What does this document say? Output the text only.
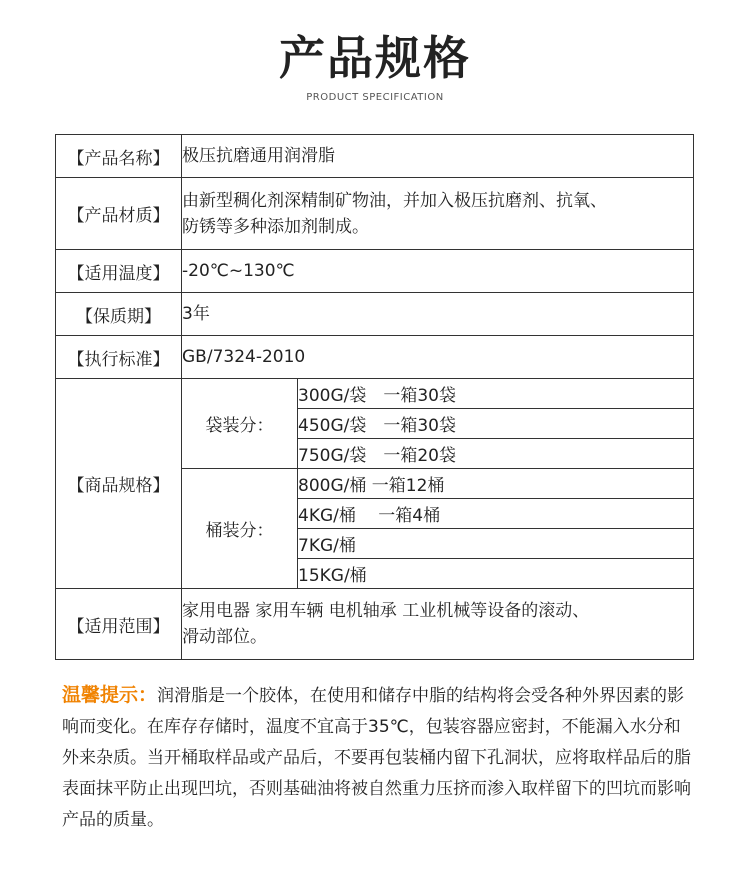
产品规格
PRODUCT SPECIFICATION
【产品名称】	极压抗磨通用润滑脂	
【产品材质】	由新型稠化剂深精制矿物油，并加入极压抗磨剂、抗氧、
防锈等多种添加剂制成。	

【适用温度】	-20℃~130℃	
【保质期】	3年	
【执行标准】	GB/7324-2010	
【商品规格】	袋装分：	300G/袋　一箱30袋
		450G/袋　一箱30袋
		750G/袋　一箱20袋
	桶装分：	800G/桶 一箱12桶
		4KG/桶　 一箱4桶
		7KG/桶
		15KG/桶
【适用范围】	家用电器 家用车辆 电机轴承 工业机械等设备的滚动、
滑动部位。	
温馨提示：润滑脂是一个胶体，在使用和储存中脂的结构将会受各种外界因素的影响而变化。在库存存储时，温度不宜高于35℃，包装容器应密封，不能漏入水分和外来杂质。当开桶取样品或产品后，不要再包装桶内留下孔洞状，应将取样品后的脂表面抹平防止出现凹坑，否则基础油将被自然重力压挤而渗入取样留下的凹坑而影响产品的质量。
